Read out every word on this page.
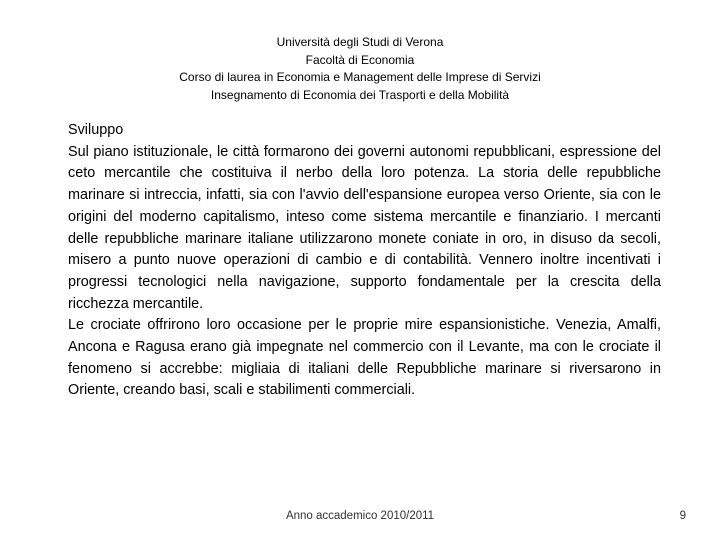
Università degli Studi di Verona
Facoltà di Economia
Corso di laurea in Economia e Management delle Imprese di Servizi
Insegnamento di Economia dei Trasporti e della Mobilità
Sviluppo

Sul piano istituzionale, le città formarono dei governi autonomi repubblicani, espressione del ceto mercantile che costituiva il nerbo della loro potenza. La storia delle repubbliche marinare si intreccia, infatti, sia con l'avvio dell'espansione europea verso Oriente, sia con le origini del moderno capitalismo, inteso come sistema mercantile e finanziario. I mercanti delle repubbliche marinare italiane utilizzarono monete coniate in oro, in disuso da secoli, misero a punto nuove operazioni di cambio e di contabilità. Vennero inoltre incentivati i progressi tecnologici nella navigazione, supporto fondamentale per la crescita della ricchezza mercantile.

Le crociate offrirono loro occasione per le proprie mire espansionistiche. Venezia, Amalfi, Ancona e Ragusa erano già impegnate nel commercio con il Levante, ma con le crociate il fenomeno si accrebbe: migliaia di italiani delle Repubbliche marinare si riversarono in Oriente, creando basi, scali e stabilimenti commerciali.

Anno accademico 2010/2011	9
